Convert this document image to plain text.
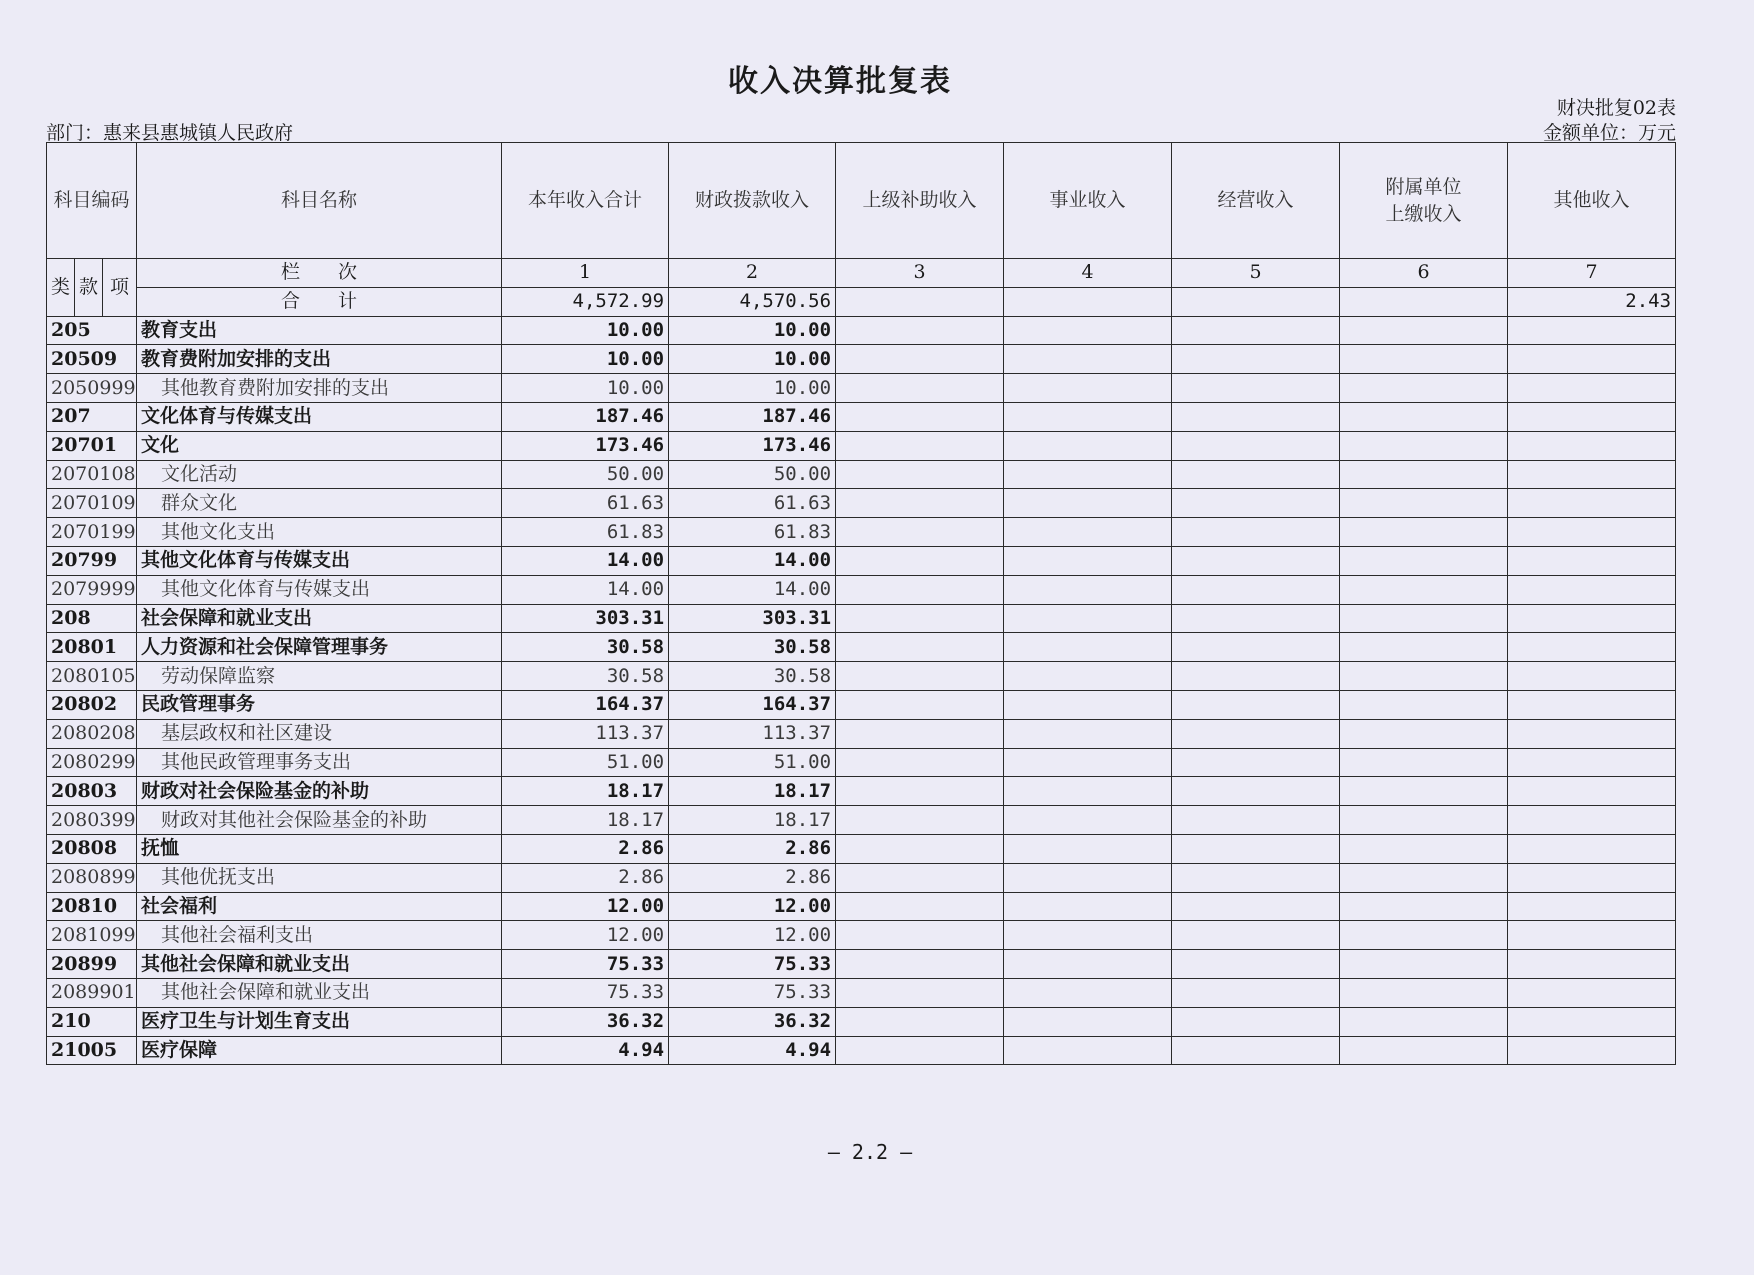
收入决算批复表
部门：惠来县惠城镇人民政府
财决批复02表
金额单位：万元
科目编码			科目名称	本年收入合计	财政拨款收入	上级补助收入	事业收入	经营收入	附属单位
上缴收入	其他收入
类	款	项	栏　　次	1	2	3	4	5	6	7
			合　　计	4,572.99	4,570.56					2.43
205			教育支出	10.00	10.00					
20509			教育费附加安排的支出	10.00	10.00					
2050999			其他教育费附加安排的支出	10.00	10.00					
207			文化体育与传媒支出	187.46	187.46					
20701			文化	173.46	173.46					
2070108			文化活动	50.00	50.00					
2070109			群众文化	61.63	61.63					
2070199			其他文化支出	61.83	61.83					
20799			其他文化体育与传媒支出	14.00	14.00					
2079999			其他文化体育与传媒支出	14.00	14.00					
208			社会保障和就业支出	303.31	303.31					
20801			人力资源和社会保障管理事务	30.58	30.58					
2080105			劳动保障监察	30.58	30.58					
20802			民政管理事务	164.37	164.37					
2080208			基层政权和社区建设	113.37	113.37					
2080299			其他民政管理事务支出	51.00	51.00					
20803			财政对社会保险基金的补助	18.17	18.17					
2080399			财政对其他社会保险基金的补助	18.17	18.17					
20808			抚恤	2.86	2.86					
2080899			其他优抚支出	2.86	2.86					
20810			社会福利	12.00	12.00					
2081099			其他社会福利支出	12.00	12.00					
20899			其他社会保障和就业支出	75.33	75.33					
2089901			其他社会保障和就业支出	75.33	75.33					
210			医疗卫生与计划生育支出	36.32	36.32					
21005			医疗保障	4.94	4.94					
— 2.2 —
